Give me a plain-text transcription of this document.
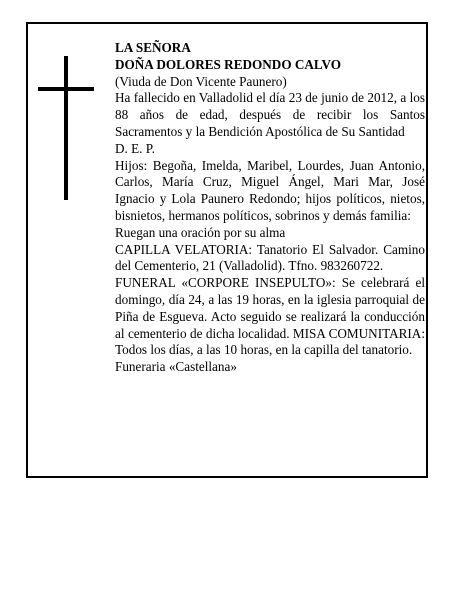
LA SEÑORA

DOÑA DOLORES REDONDO CALVO

(Viuda de Don Vicente Paunero)

Ha fallecido en Valladolid el día 23 de junio de 2012, a los 88 años de edad, después de recibir los Santos Sacramentos y la Bendición Apostólica de Su Santidad

D. E. P.

Hijos: Begoña, Imelda, Maribel, Lourdes, Juan Antonio, Carlos, María Cruz, Miguel Ángel, Mari Mar, José Ignacio y Lola Paunero Redondo; hijos políticos, nietos, bisnietos, hermanos políticos, sobrinos y demás familia:

Ruegan una oración por su alma

CAPILLA VELATORIA: Tanatorio El Salvador. Camino del Cementerio, 21 (Valladolid). Tfno. 983260722.

FUNERAL «CORPORE INSEPULTO»: Se celebrará el domingo, día 24, a las 19 horas, en la iglesia parroquial de Piña de Esgueva. Acto seguido se realizará la conducción al cementerio de dicha localidad. MISA COMUNITARIA: Todos los días, a las 10 horas, en la capilla del tanatorio.

Funeraria «Castellana»
